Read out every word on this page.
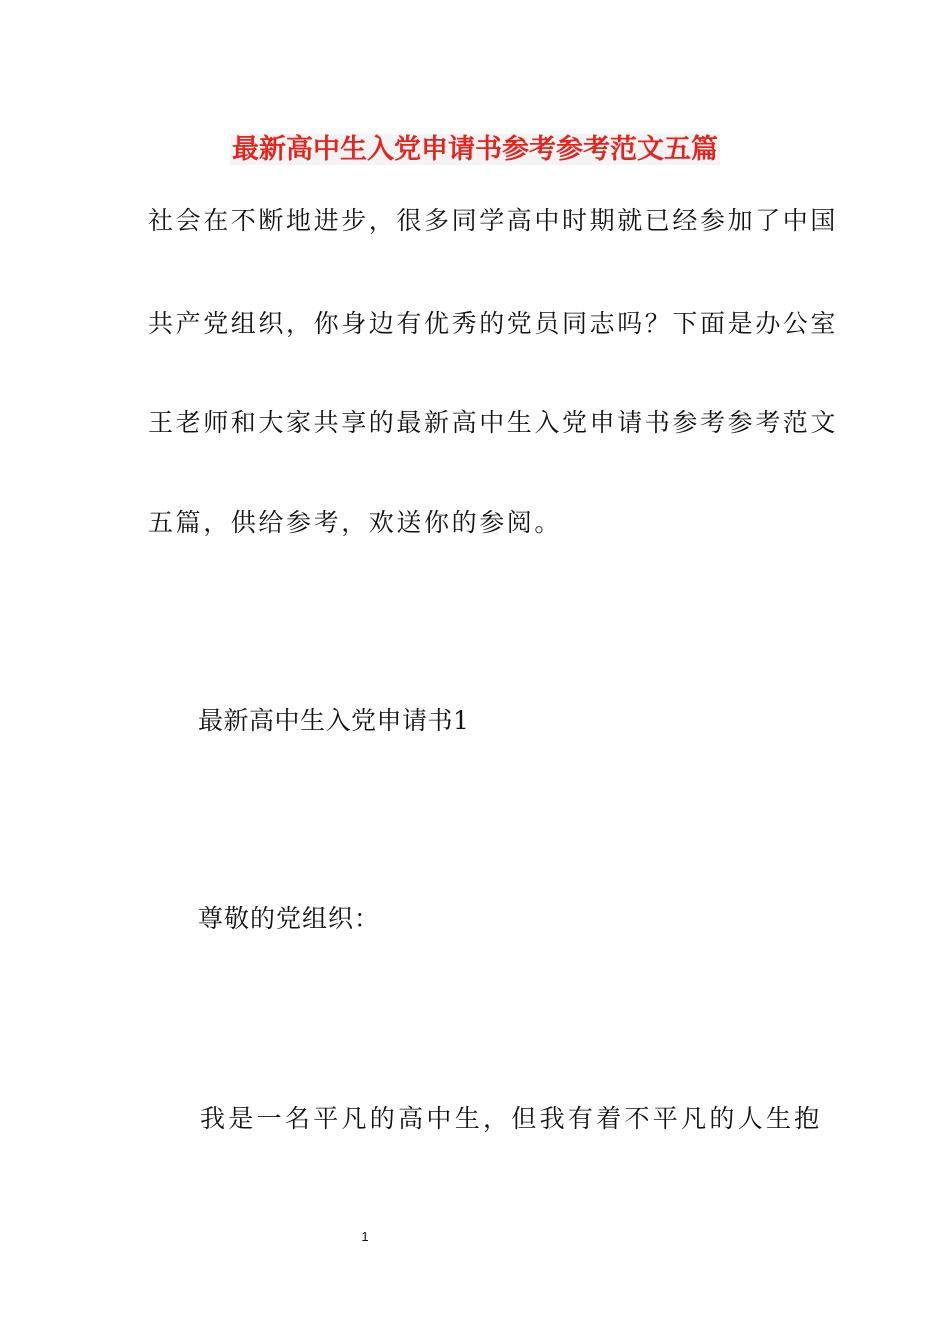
最新高中生入党申请书参考参考范文五篇
社会在不断地进步，很多同学高中时期就已经参加了中国
共产党组织，你身边有优秀的党员同志吗？下面是办公室
王老师和大家共享的最新高中生入党申请书参考参考范文
五篇，供给参考，欢送你的参阅。
最新高中生入党申请书1
尊敬的党组织：
我是一名平凡的高中生，但我有着不平凡的人生抱
1
